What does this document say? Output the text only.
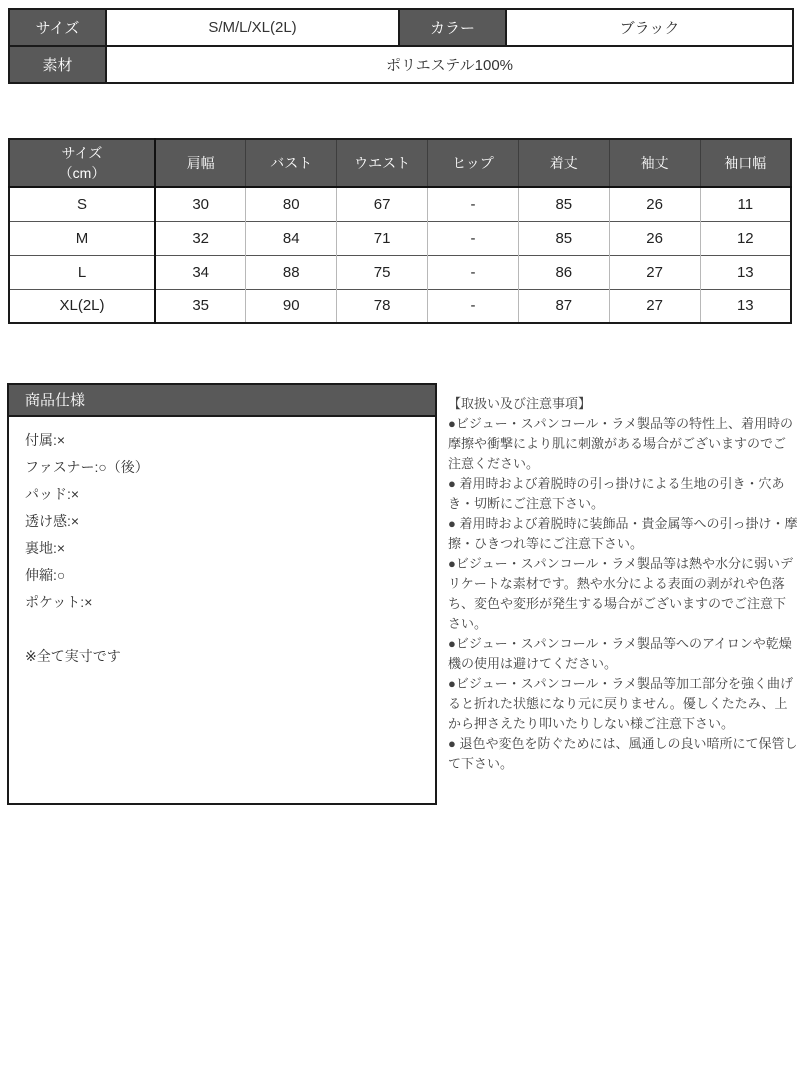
サイズ	S/M/L/XL(2L)	カラー	ブラック
素材	ポリエステル100%		
サイズ
（cm）	肩幅	バスト	ウエスト	ヒップ	着丈	袖丈	袖口幅
S	30	80	67	-	85	26	11
M	32	84	71	-	85	26	12
L	34	88	75	-	86	27	13
XL(2L)	35	90	78	-	87	27	13
商品仕様
付属:×
ファスナー:○（後）
パッド:×
透け感:×
裏地:×
伸縮:○
ポケット:×
※全て実寸です

【取扱い及び注意事項】

●ビジュー・スパンコール・ラメ製品等の特性上、着用時の摩擦や衝撃により肌に刺激がある場合がございますのでご注意ください。

● 着用時および着脱時の引っ掛けによる生地の引き・穴あき・切断にご注意下さい。

● 着用時および着脱時に装飾品・貴金属等への引っ掛け・摩擦・ひきつれ等にご注意下さい。

●ビジュー・スパンコール・ラメ製品等は熱や水分に弱いデリケートな素材です。熱や水分による表面の剥がれや色落ち、変色や変形が発生する場合がございますのでご注意下さい。

●ビジュー・スパンコール・ラメ製品等へのアイロンや乾燥機の使用は避けてください。

●ビジュー・スパンコール・ラメ製品等加工部分を強く曲げると折れた状態になり元に戻りません。優しくたたみ、上から押さえたり叩いたりしない様ご注意下さい。

● 退色や変色を防ぐためには、風通しの良い暗所にて保管して下さい。
